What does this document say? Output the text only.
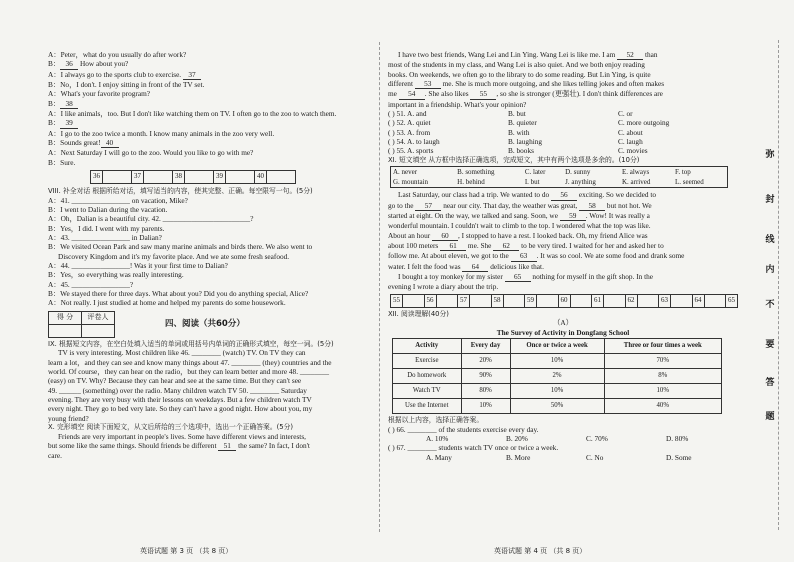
A：Peter，what do you usually do after work?
B： 36 How about you?
A：I always go to the sports club to exercise. 37
B：No，I don't. I enjoy sitting in front of the TV set.
A：What's your favorite program?
B： 38
A：I like animals，too. But I don't like watching them on TV. I often go to the zoo to watch them.
B： 39
A：I go to the zoo twice a month. I know many animals in the zoo very well.
B：Sounds great! 40
A：Next Saturday I will go to the zoo. Would you like to go with me?
B：Sure.
36		37		38		39		40	
VIII. 补全对话 根据所给对话，填写适当的内容，使其完整、正确。每空限写一句。(5分)
A：41. ________________ on vacation, Mike?
B：I went to Dalian during the vacation.
A：Oh，Dalian is a beautiful city. 42. ________________________?
B：Yes，I did. I went with my parents.
A：43. ________________ in Dalian?
B：We visited Ocean Park and saw many marine animals and birds there. We also went to
Discovery Kingdom and it's my favorite place. And we ate some fresh seafood.
A：44. ________________! Was it your first time to Dalian?
B：Yes，so everything was really interesting.
A：45. ________________?
B：We stayed there for three days. What about you? Did you do anything special, Alice?
A：Not really. I just studied at home and helped my parents do some housework.
得 分	评卷人

四、阅读（共60分）
IX. 根据短文内容，在空白处填入适当的单词或用括号内单词的正确形式填空，每空一词。(5分)
TV is very interesting. Most children like 46. ________ (watch) TV. On TV they can
learn a lot，and they can see and know many things about 47. ________ (they) countries and the
world. Of course，they can hear on the radio，but they can learn better and more 48. ________
(easy) on TV. Why? Because they can hear and see at the same time. But they can't see
49. ______ (something) over the radio. Many children watch TV 50. ________ Saturday
evening. They are very busy with their lessons on weekdays. But a few children watch TV
every night. They go to bed very late. So they can't have a good night. How about you, my
young friend?
X. 完形填空 阅读下面短文，从文后所给的三个选项中，选出一个正确答案。(5分)
Friends are very important in people's lives. Some have different views and interests,
but some like the same things. Should friends be different 51 the same? In fact, I don't
care.
英语试题 第 3 页 （共 8 页）
I have two best friends, Wang Lei and Lin Ying. Wang Lei is like me. I am 52 than
most of the students in my class, and Wang Lei is also quiet. And we both enjoy reading
books. On weekends, we often go to the library to do some reading. But Lin Ying, is quite
different 53 me. She is much more outgoing, and she likes telling jokes and often makes
me 54 . She also likes 55 , so she is stronger (更强壮). I don't think differences are
important in a friendship. What's your opinion?
( ) 51. A. and	B. but	C. or
( ) 52. A. quiet	B. quieter	C. more outgoing
( ) 53. A. from	B. with	C. about
( ) 54. A. to laugh	B. laughing	C. laugh
( ) 55. A. sports	B. books	C. movies
XI. 短文填空 从方框中选择正确选项，完成短文，其中有两个选项是多余的。(10分)
A. never	B. something	C. later	D. sunny	E. always	F. top
G. mountain	H. behind	I. but	J. anything	K. arrived	L. seemed
Last Saturday, our class had a trip. We wanted to do 56 exciting. So we decided to
go to the 57 near our city. That day, the weather was great, 58 but not hot. We
started at eight. On the way, we talked and sang. Soon, we 59 . Wow! It was really a
wonderful mountain. I couldn't wait to climb to the top. I wondered what the top was like.
About an hour 60 , I stopped to have a rest. I looked back. Oh, my friend Alice was
about 100 meters 61 me. She 62 to be very tired. I waited for her and asked her to
follow me. At about eleven, we got to the 63 . It was so cool. We ate some food and drank some
water. I felt the food was 64 delicious like that.
I bought a toy monkey for my sister 65 nothing for myself in the gift shop. In the
evening I wrote a diary about the trip.
55		56		57		58		59		60		61		62		63		64		65
XII. 阅读理解(40分)
（A）
The Survey of Activity in Dongfang School
Activity	Every day	Once or twice a week	Three or four times a week
Exercise	20%	10%	70%
Do homework	90%	2%	8%
Watch TV	80%	10%	10%
Use the Internet	10%	50%	40%
根据以上内容，选择正确答案。
( ) 66. ________ of the students exercise every day.
A. 10%	B. 20%	C. 70%	D. 80%
( ) 67. ________ students watch TV once or twice a week.
A. Many	B. More	C. No	D. Some
英语试题 第 4 页 （共 8 页）
弥
封
线
内
不
要
答
题
